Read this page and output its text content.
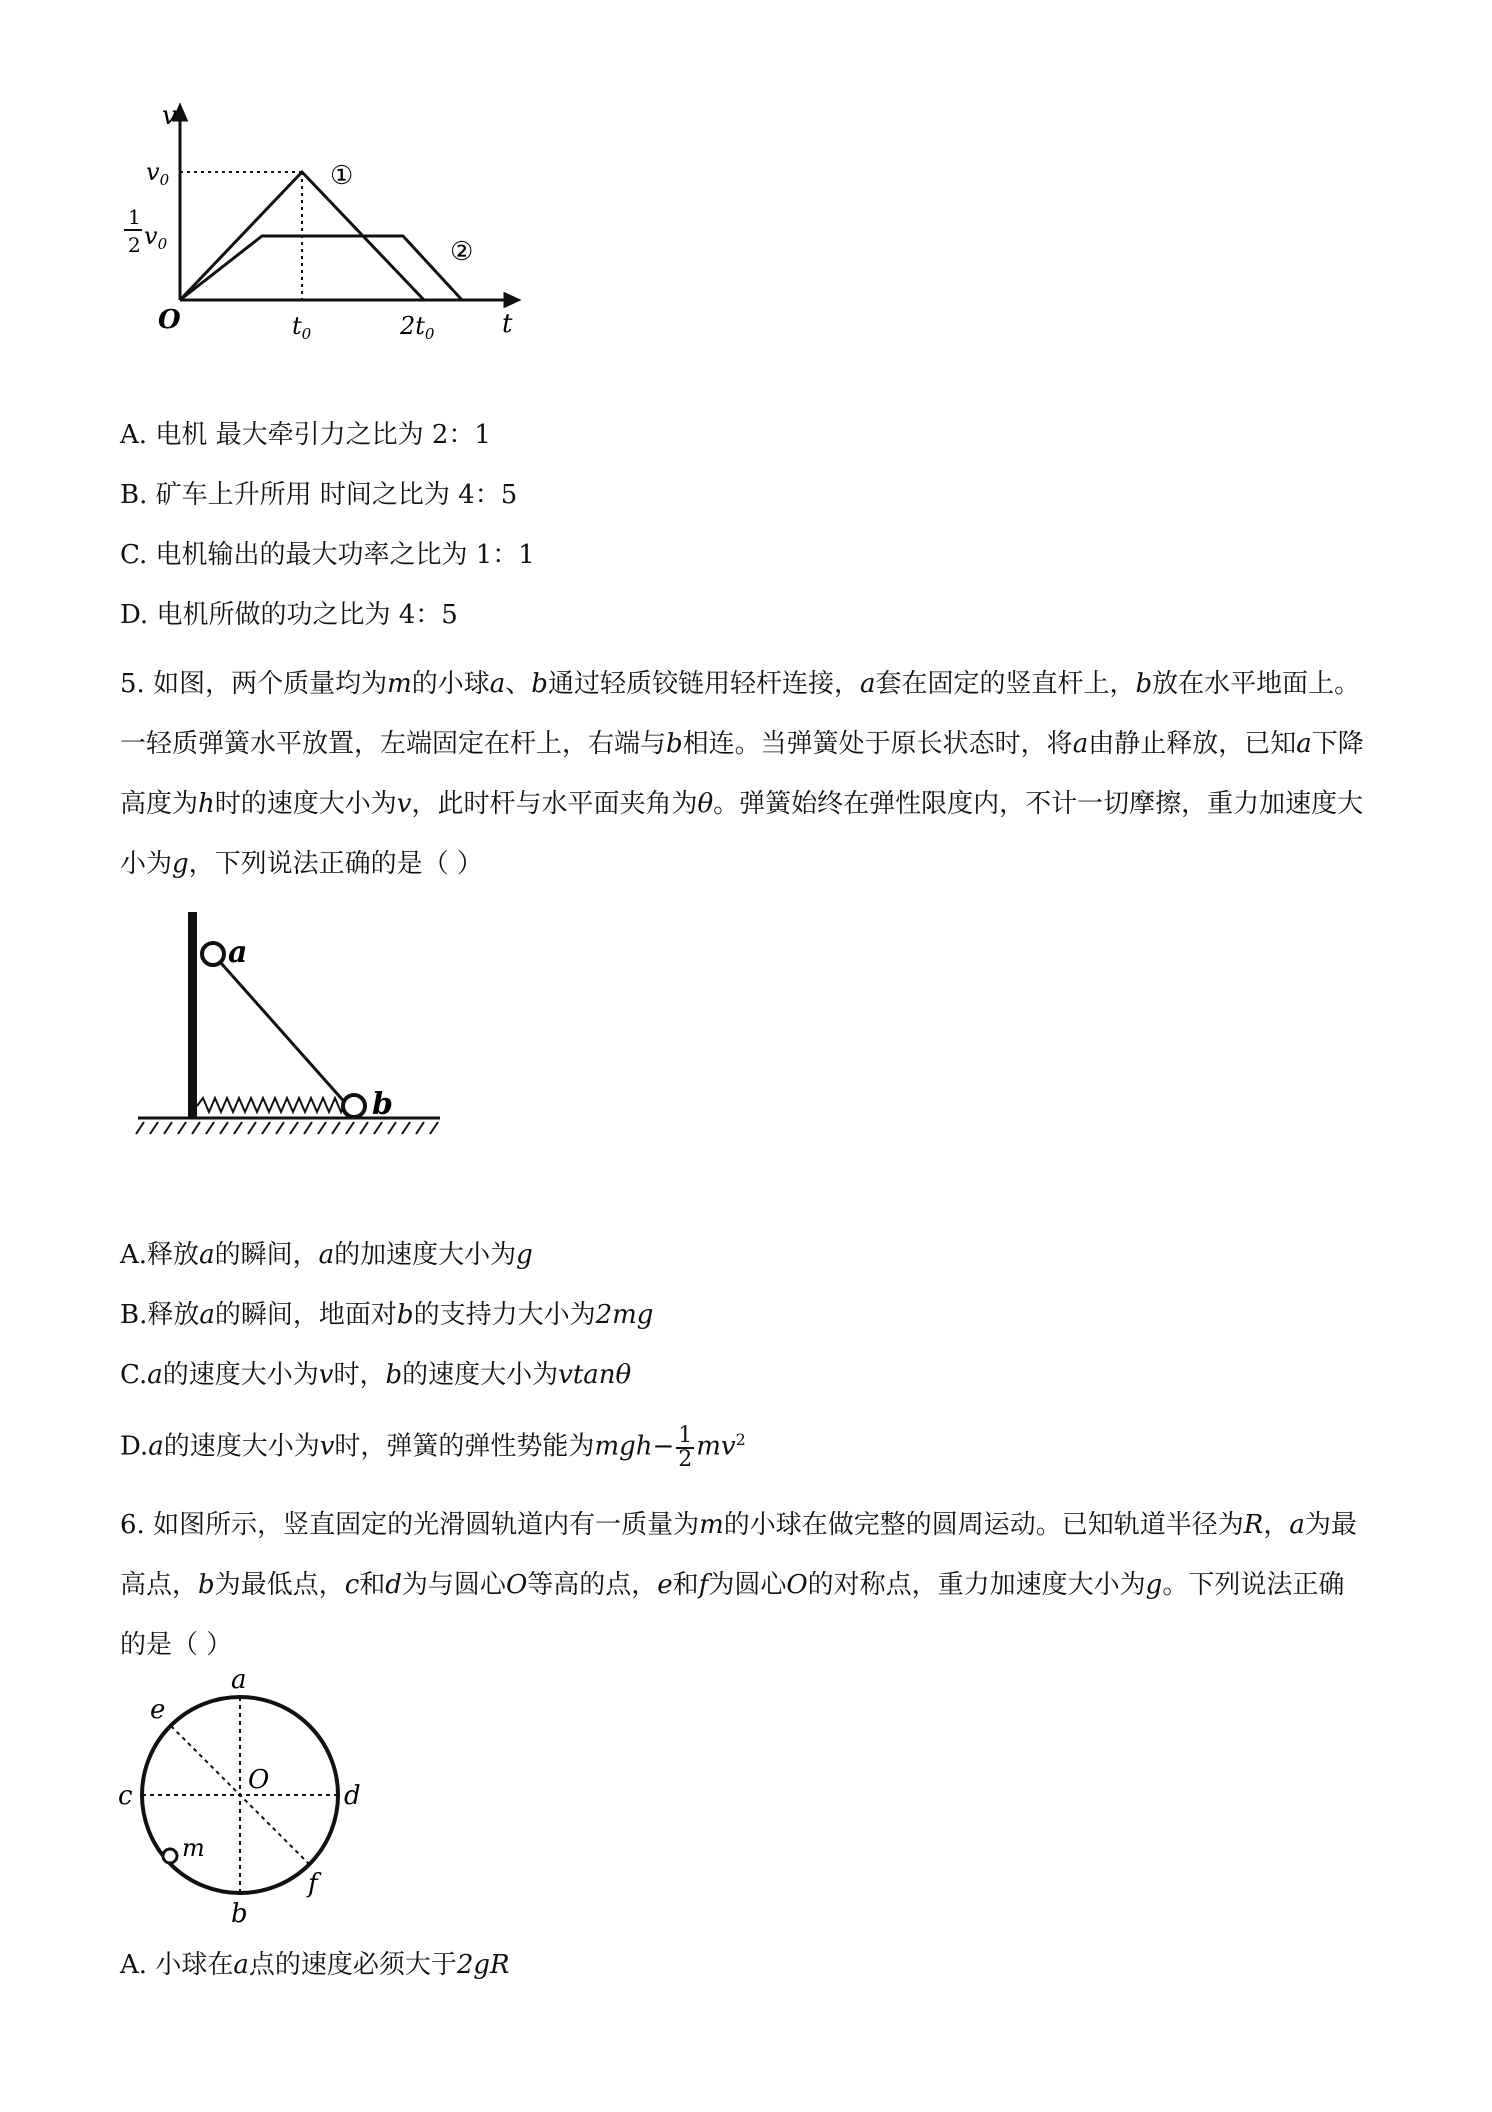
v
t
O
$v_0$
1
2 $v_0$
$t_0$	$2t_0$
①
②
A. 电机 最大牵引力之比为 2：1
B. 矿车上升所用 时间之比为 4：5
C. 电机输出的最大功率之比为 1：1
D. 电机所做的功之比为 4：5
5. 如图，两个质量均为m的小球a、b通过轻质铰链用轻杆连接，a套在固定的竖直杆上，b放在水平地面上。一轻质弹簧水平放置，左端固定在杆上，右端与b相连。当弹簧处于原长状态时，将a由静止释放，已知a下降高度为h时的速度大小为v，此时杆与水平面夹角为θ。弹簧始终在弹性限度内，不计一切摩擦，重力加速度大小为g，下列说法正确的是（ ）
a
b
A.释放a的瞬间，a的加速度大小为g
B.释放a的瞬间，地面对b的支持力大小为2mg
C.a的速度大小为v时，b的速度大小为vtanθ
D.a的速度大小为v时，弹簧的弹性势能为$mgh- \frac{1}{2} mv^2$
6. 如图所示，竖直固定的光滑圆轨道内有一质量为m的小球在做完整的圆周运动。已知轨道半径为R，a为最高点，b为最低点，c和d为与圆心O等高的点，e和f为圆心O的对称点，重力加速度大小为g。下列说法正确的是（ ）
a
b
c	d
e
f
O
m
A. 小球在a点的速度必须大于2gR
